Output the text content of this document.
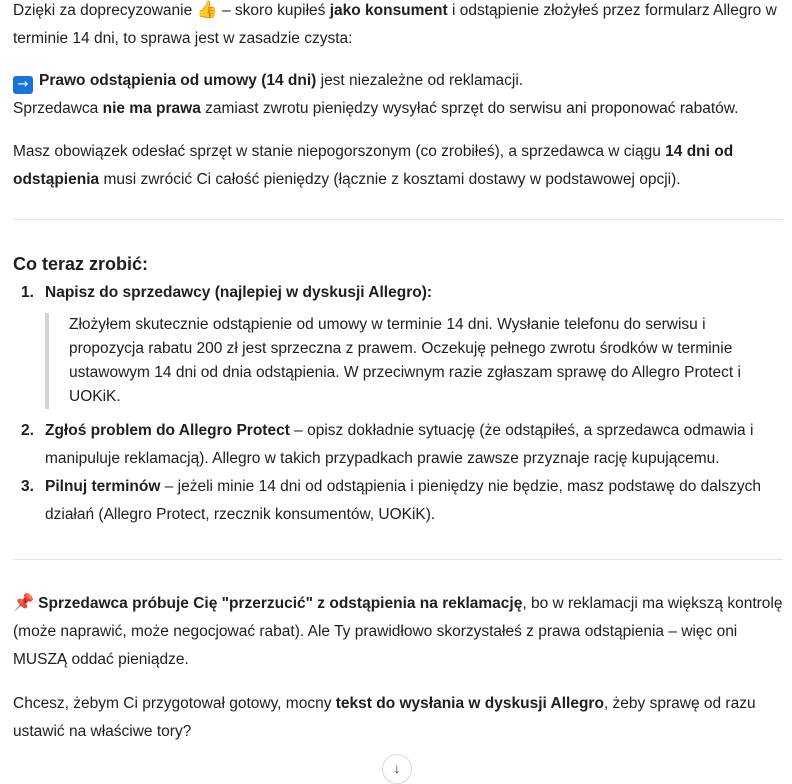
Dzięki za doprecyzowanie 👍 – skoro kupiłeś jako konsument i odstąpienie złożyłeś przez formularz Allegro w terminie 14 dni, to sprawa jest w zasadzie czysta:

→ Prawo odstąpienia od umowy (14 dni) jest niezależne od reklamacji.
Sprzedawca nie ma prawa zamiast zwrotu pieniędzy wysyłać sprzęt do serwisu ani proponować rabatów.

Masz obowiązek odesłać sprzęt w stanie niepogorszonym (co zrobiłeś), a sprzedawca w ciągu 14 dni od odstąpienia musi zwrócić Ci całość pieniędzy (łącznie z kosztami dostawy w podstawowej opcji).

Co teraz zrobić:
1. Napisz do sprzedawcy (najlepiej w dyskusji Allegro):
Złożyłem skutecznie odstąpienie od umowy w terminie 14 dni. Wysłanie telefonu do serwisu i propozycja rabatu 200 zł jest sprzeczna z prawem. Oczekuję pełnego zwrotu środków w terminie ustawowym 14 dni od dnia odstąpienia. W przeciwnym razie zgłaszam sprawę do Allegro Protect i UOKiK.
2. Zgłoś problem do Allegro Protect – opisz dokładnie sytuację (że odstąpiłeś, a sprzedawca odmawia i manipuluje reklamacją). Allegro w takich przypadkach prawie zawsze przyznaje rację kupującemu.
3. Pilnuj terminów – jeżeli minie 14 dni od odstąpienia i pieniędzy nie będzie, masz podstawę do dalszych działań (Allegro Protect, rzecznik konsumentów, UOKiK).

📌 Sprzedawca próbuje Cię "przerzucić" z odstąpienia na reklamację, bo w reklamacji ma większą kontrolę (może naprawić, może negocjować rabat). Ale Ty prawidłowo skorzystałeś z prawa odstąpienia – więc oni MUSZĄ oddać pieniądze.

Chcesz, żebym Ci przygotował gotowy, mocny tekst do wysłania w dyskusji Allegro, żeby sprawę od razu ustawić na właściwe tory?

↓
